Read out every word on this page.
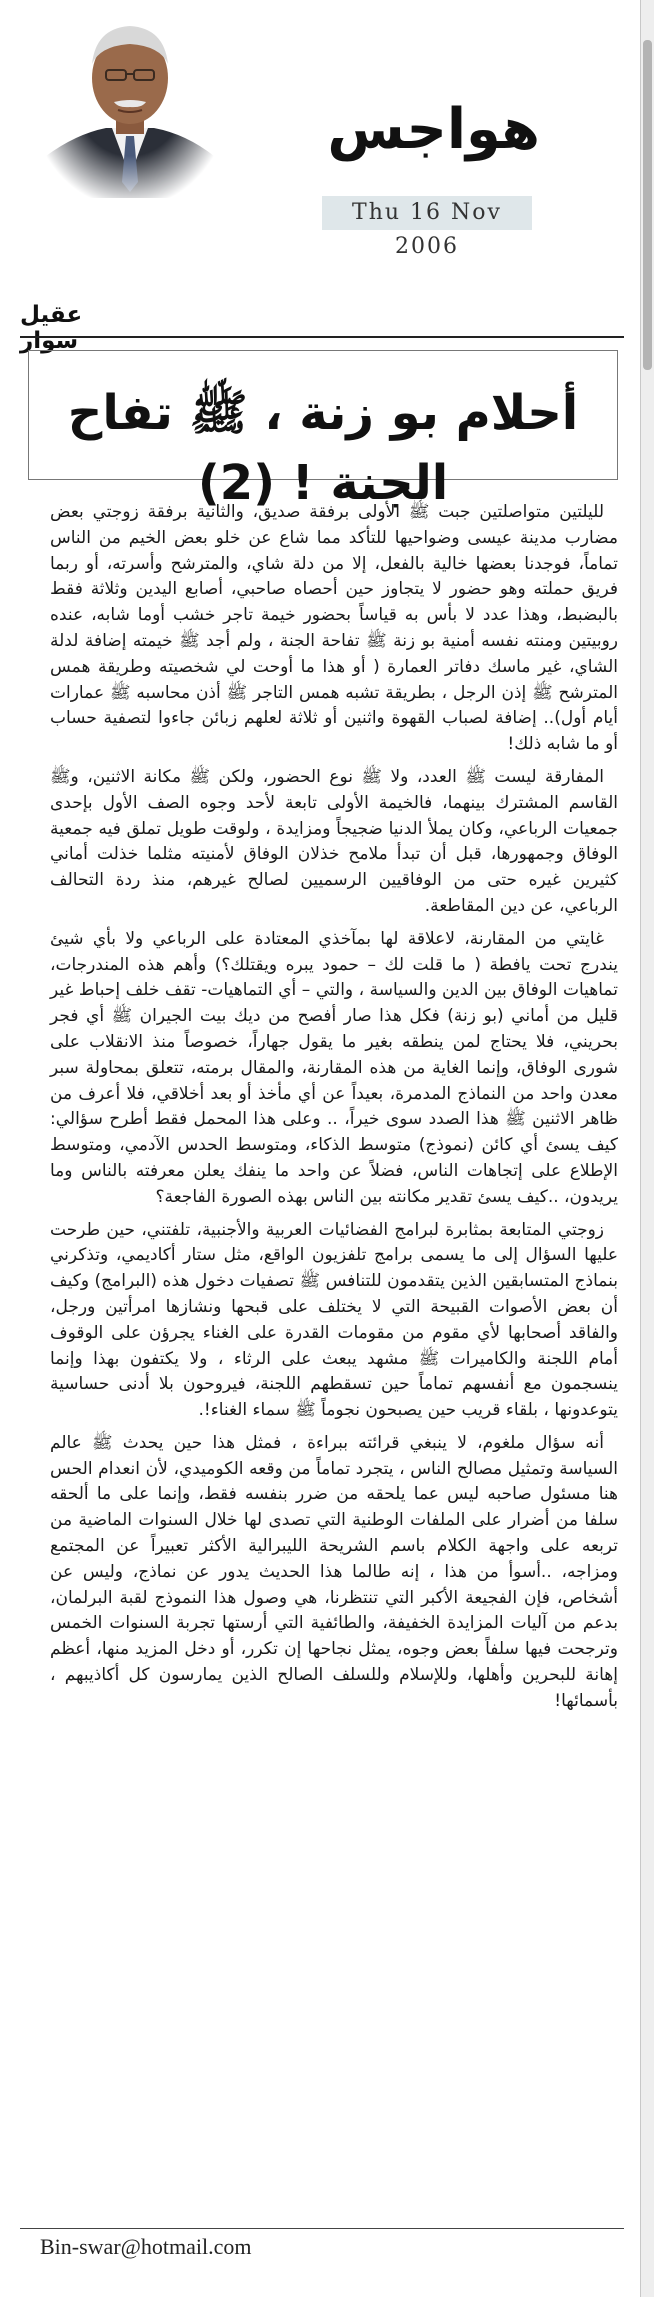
هواجس
Thu 16 Nov 2006
عقيل سوار
أحلام بو زنة ، ﷺ تفاح الجنة ! (2)

لليلتين متواصلتين جبت ﷺ الأولى برفقة صديق، والثانية برفقة زوجتي بعض مضارب مدينة عيسى وضواحيها للتأكد مما شاع عن خلو بعض الخيم من الناس تماماً، فوجدنا بعضها خالية بالفعل، إلا من دلة شاي، والمترشح وأسرته، أو ربما فريق حملته وهو حضور لا يتجاوز حين أحصاه صاحبي، أصابع اليدين وثلاثة فقط بالبضبط، وهذا عدد لا بأس به قياساً بحضور خيمة تاجر خشب أوما شابه، عنده روبيتين ومنته نفسه أمنية بو زنة ﷺ تفاحة الجنة ، ولم أجد ﷺ خيمته إضافة لدلة الشاي، غير ماسك دفاتر العمارة ( أو هذا ما أوحت لي شخصيته وطريقة همس المترشح ﷺ إذن الرجل ، بطريقة تشبه همس التاجر ﷺ أذن محاسبه ﷺ عمارات أيام أول).. إضافة لصباب القهوة واثنين أو ثلاثة لعلهم زبائن جاءوا لتصفية حساب أو ما شابه ذلك!

المفارقة ليست ﷺ العدد، ولا ﷺ نوع الحضور، ولكن ﷺ مكانة الاثنين، وﷺ القاسم المشترك بينهما، فالخيمة الأولى تابعة لأحد وجوه الصف الأول بإحدى جمعيات الرباعي، وكان يملأ الدنيا ضجيجاً ومزايدة ، ولوقت طويل تملق فيه جمعية الوفاق وجمهورها، قبل أن تبدأ ملامح خذلان الوفاق لأمنيته مثلما خذلت أماني كثيرين غيره حتى من الوفاقيين الرسميين لصالح غيرهم، منذ ردة التحالف الرباعي، عن دين المقاطعة.

غايتي من المقارنة، لاعلاقة لها بمآخذي المعتادة على الرباعي ولا بأي شيئ يندرج تحت يافطة ( ما قلت لك – حمود يبره ويقتلك؟) وأهم هذه المندرجات، تماهيات الوفاق بين الدين والسياسة ، والتي – أي التماهيات- تقف خلف إحباط غير قليل من أماني (بو زنة) فكل هذا صار أفصح من ديك بيت الجيران ﷺ أي فجر بحريني، فلا يحتاج لمن ينطقه بغير ما يقول جهاراً، خصوصاً منذ الانقلاب على شورى الوفاق، وإنما الغاية من هذه المقارنة، والمقال برمته، تتعلق بمحاولة سبر معدن واحد من النماذج المدمرة، بعيداً عن أي مأخذ أو بعد أخلاقي، فلا أعرف من ظاهر الاثنين ﷺ هذا الصدد سوى خيراً، .. وعلى هذا المحمل فقط أطرح سؤالي: كيف يسئ أي كائن (نموذج) متوسط الذكاء، ومتوسط الحدس الآدمي، ومتوسط الإطلاع على إتجاهات الناس، فضلاً عن واحد ما ينفك يعلن معرفته بالناس وما يريدون، ..كيف يسئ تقدير مكانته بين الناس بهذه الصورة الفاجعة؟

زوجتي المتابعة بمثابرة لبرامج الفضائيات العربية والأجنبية، تلفتني، حين طرحت عليها السؤال إلى ما يسمى برامج تلفزيون الواقع، مثل ستار أكاديمي، وتذكرني بنماذج المتسابقين الذين يتقدمون للتنافس ﷺ تصفيات دخول هذه (البرامج) وكيف أن بعض الأصوات القبيحة التي لا يختلف على قبحها ونشازها امرأتين ورجل، والفاقد أصحابها لأي مقوم من مقومات القدرة على الغناء يجرؤن على الوقوف أمام اللجنة والكاميرات ﷺ مشهد يبعث على الرثاء ، ولا يكتفون بهذا وإنما ينسجمون مع أنفسهم تماماً حين تسقطهم اللجنة، فيروحون بلا أدنى حساسية يتوعدونها ، بلقاء قريب حين يصبحون نجوماً ﷺ سماء الغناء!.

أنه سؤال ملغوم، لا ينبغي قرائته ببراءة ، فمثل هذا حين يحدث ﷺ عالم السياسة وتمثيل مصالح الناس ، يتجرد تماماً من وقعه الكوميدي، لأن انعدام الحس هنا مسئول صاحبه ليس عما يلحقه من ضرر بنفسه فقط، وإنما على ما ألحقه سلفا من أضرار على الملفات الوطنية التي تصدى لها خلال السنوات الماضية من تربعه على واجهة الكلام باسم الشريحة الليبرالية الأكثر تعبيراً عن المجتمع ومزاجه، ..أسوأ من هذا ، إنه طالما هذا الحديث يدور عن نماذج، وليس عن أشخاص، فإن الفجيعة الأكبر التي تنتظرنا، هي وصول هذا النموذج لقبة البرلمان، بدعم من آليات المزايدة الخفيفة، والطائفية التي أرستها تجربة السنوات الخمس وترجحت فيها سلفاً بعض وجوه، يمثل نجاحها إن تكرر، أو دخل المزيد منها، أعظم إهانة للبحرين وأهلها، وللإسلام وللسلف الصالح الذين يمارسون كل أكاذيبهم ، بأسمائها!

Bin-swar@hotmail.com
